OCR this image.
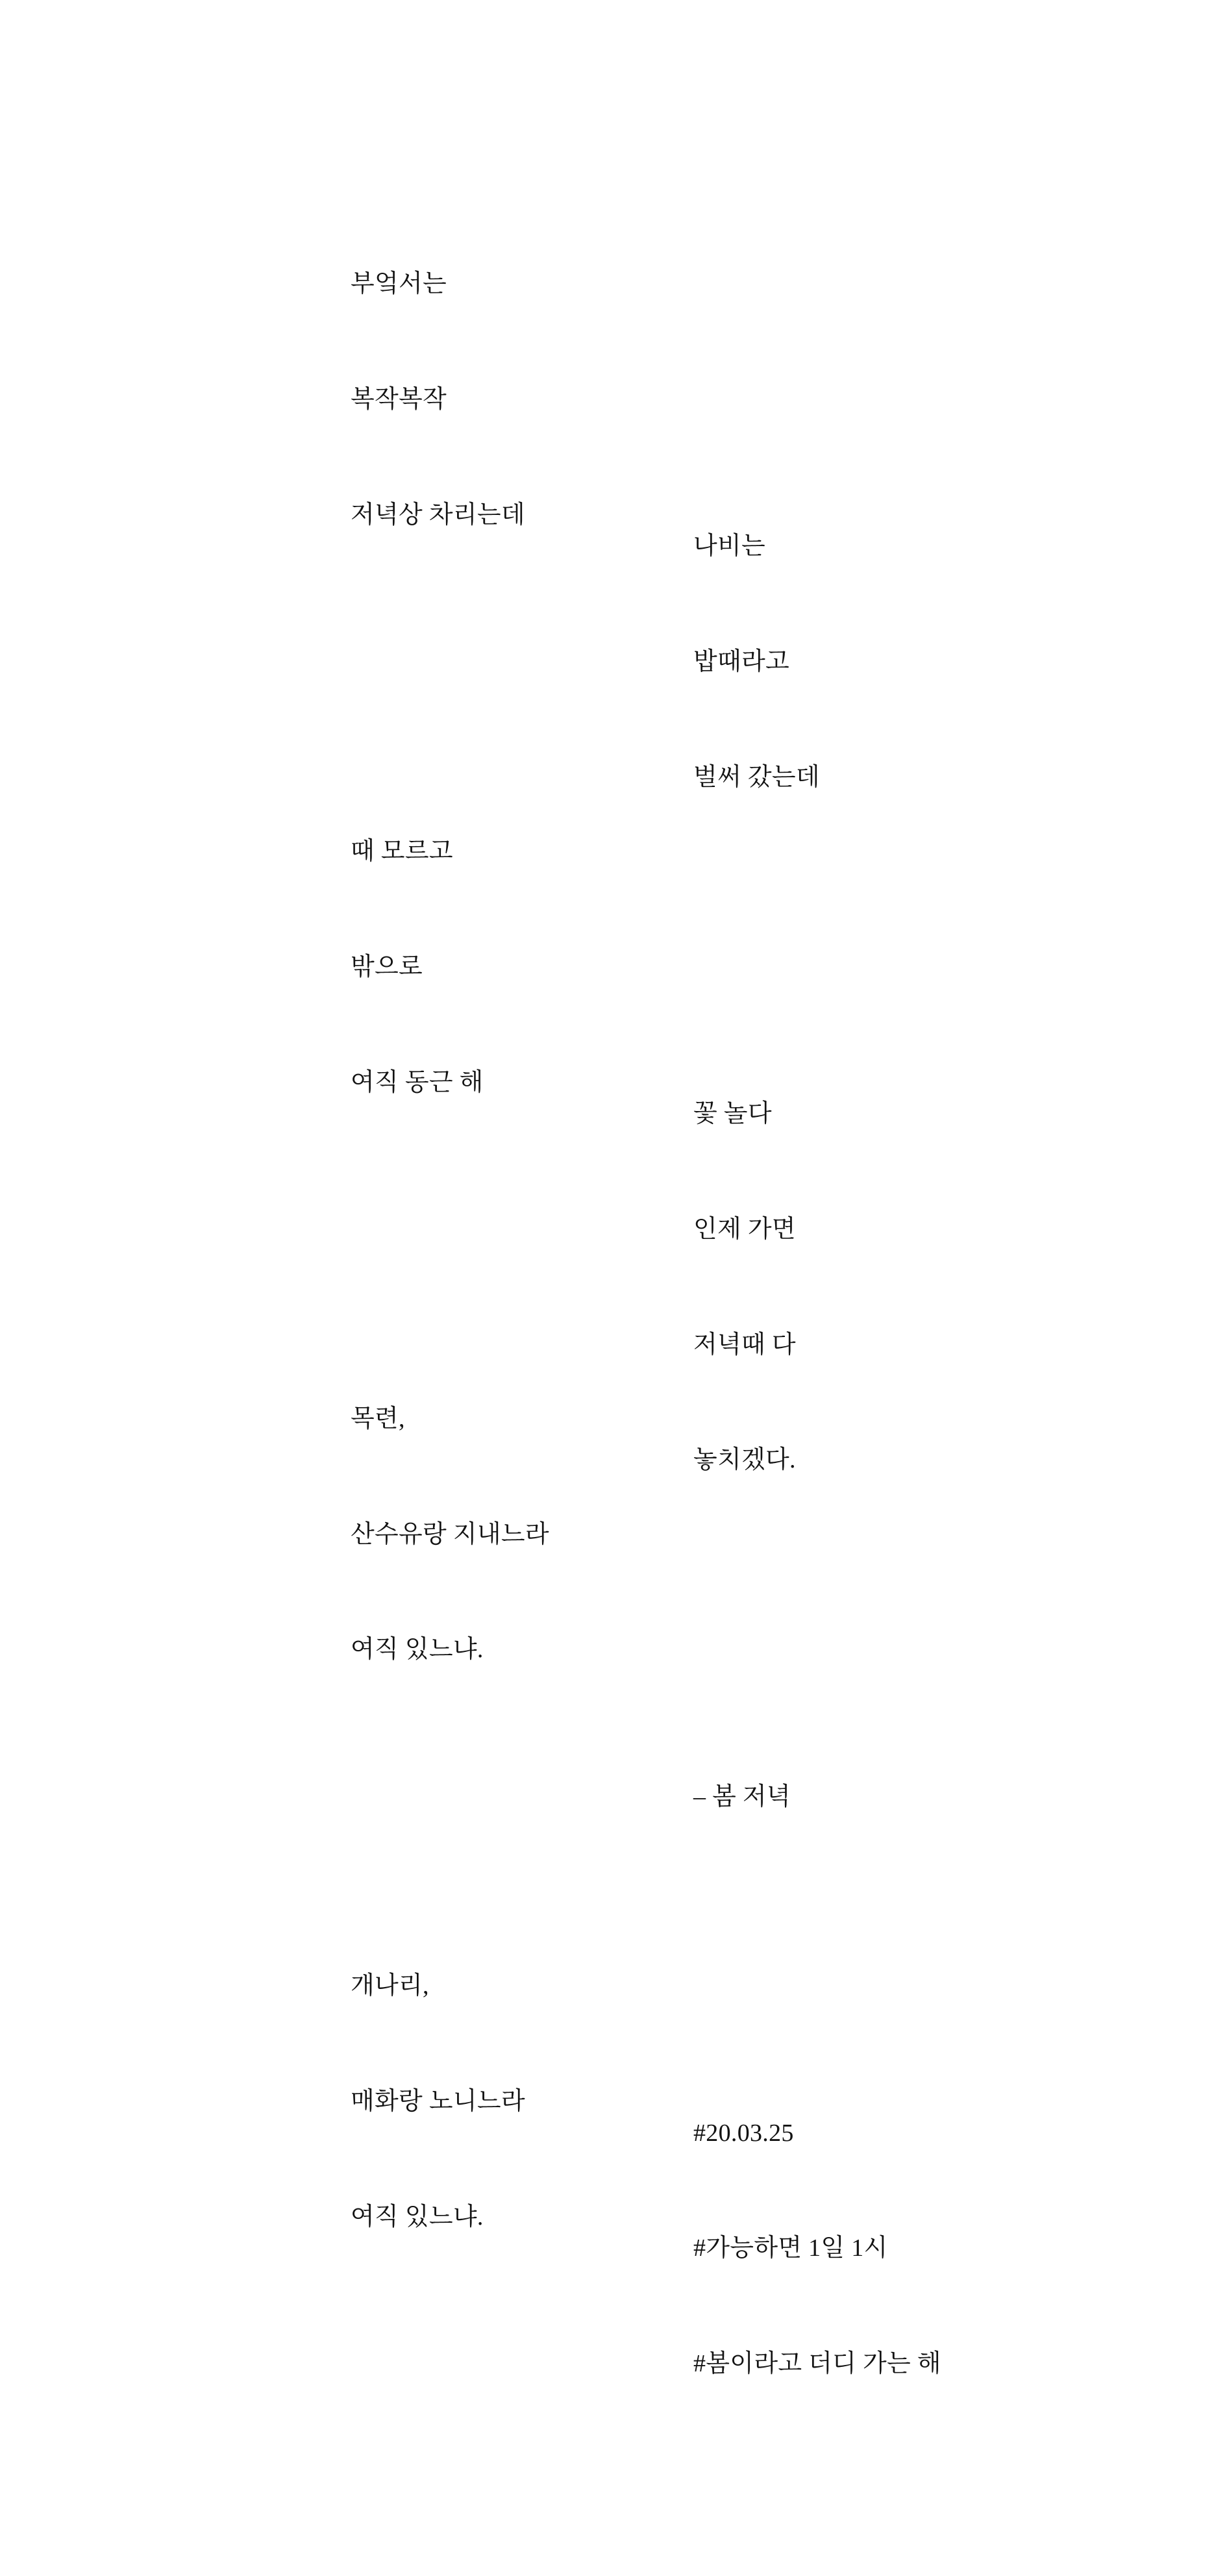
부엌서는

복작복작

저녁상 차리는데

때 모르고

밖으로

여직 동근 해

목련,

산수유랑 지내느라

여직 있느냐.

개나리,

매화랑 노니느라

여직 있느냐.

나비는

밥때라고

벌써 갔는데

꽃 놀다

인제 가면

저녁때 다

놓치겠다.

– 봄 저녁

#20.03.25

#가능하면 1일 1시

#봄이라고 더디 가는 해
